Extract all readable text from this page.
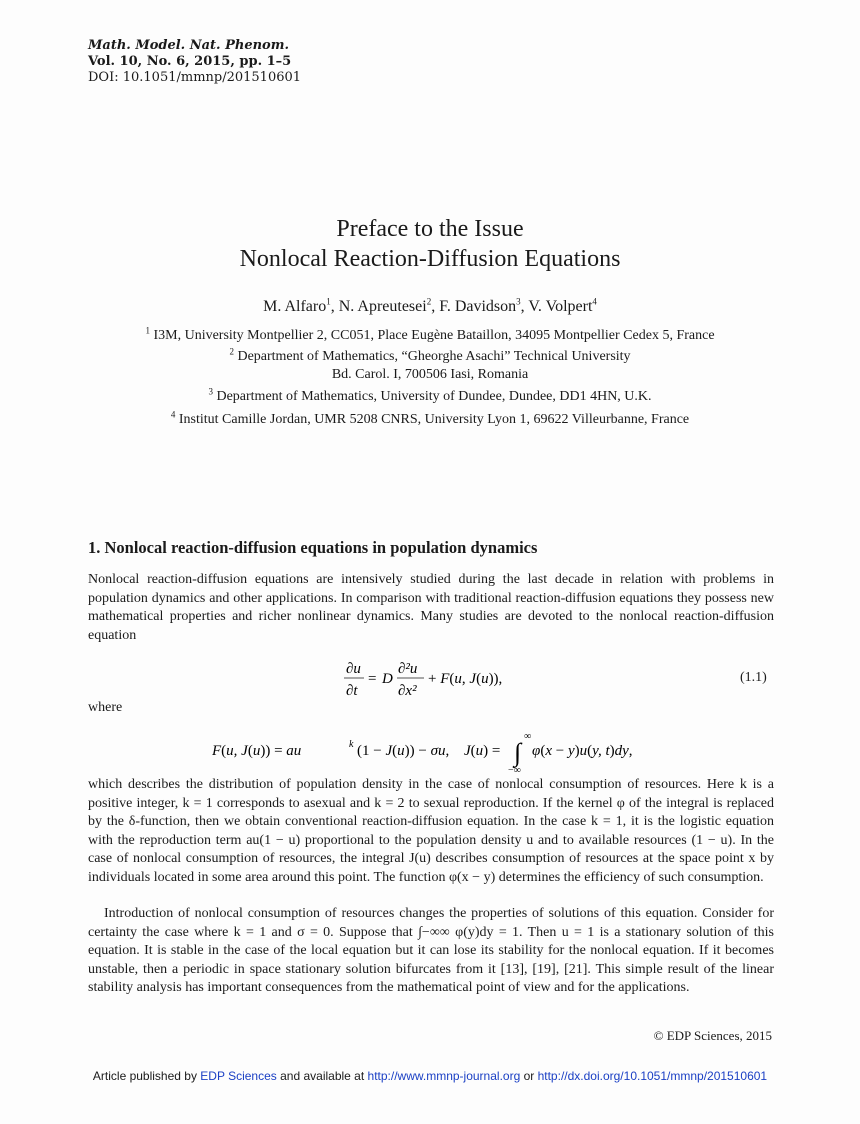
Math. Model. Nat. Phenom.
Vol. 10, No. 6, 2015, pp. 1–5
DOI: 10.1051/mmnp/201510601
Preface to the Issue
Nonlocal Reaction-Diffusion Equations
M. Alfaro$^1$, N. Apreutesei$^2$, F. Davidson$^3$, V. Volpert$^4$
$^1$ I3M, University Montpellier 2, CC051, Place Eugène Bataillon, 34095 Montpellier Cedex 5, France
$^2$ Department of Mathematics, “Gheorghe Asachi” Technical University
Bd. Carol. I, 700506 Iasi, Romania
$^3$ Department of Mathematics, University of Dundee, Dundee, DD1 4HN, U.K.
$^4$ Institut Camille Jordan, UMR 5208 CNRS, University Lyon 1, 69622 Villeurbanne, France
1. Nonlocal reaction-diffusion equations in population dynamics
Nonlocal reaction-diffusion equations are intensively studied during the last decade in relation with problems in population dynamics and other applications. In comparison with traditional reaction-diffusion equations they possess new mathematical properties and richer nonlinear dynamics. Many studies are devoted to the nonlocal reaction-diffusion equation
∂u
∂t
= D
∂²u
∂x²
+ F(u, J(u)),	(1.1)
where
F(u, J(u)) = au	k (1 − J(u)) − σu, J(u) = ∫
∞
−∞
φ(x − y)u(y, t)dy,
which describes the distribution of population density in the case of nonlocal consumption of resources. Here k is a positive integer, k = 1 corresponds to asexual and k = 2 to sexual reproduction. If the kernel φ of the integral is replaced by the δ-function, then we obtain conventional reaction-diffusion equation. In the case k = 1, it is the logistic equation with the reproduction term au(1 − u) proportional to the population density u and to available resources (1 − u). In the case of nonlocal consumption of resources, the integral J(u) describes consumption of resources at the space point x by individuals located in some area around this point. The function φ(x − y) determines the efficiency of such consumption.
Introduction of nonlocal consumption of resources changes the properties of solutions of this equation. Consider for certainty the case where k = 1 and σ = 0. Suppose that ∫−∞∞ φ(y)dy = 1. Then u = 1 is a stationary solution of this equation. It is stable in the case of the local equation but it can lose its stability for the nonlocal equation. If it becomes unstable, then a periodic in space stationary solution bifurcates from it [13], [19], [21]. This simple result of the linear stability analysis has important consequences from the mathematical point of view and for the applications.
© EDP Sciences, 2015
Article published by EDP Sciences and available at http://www.mmnp-journal.org or http://dx.doi.org/10.1051/mmnp/201510601
